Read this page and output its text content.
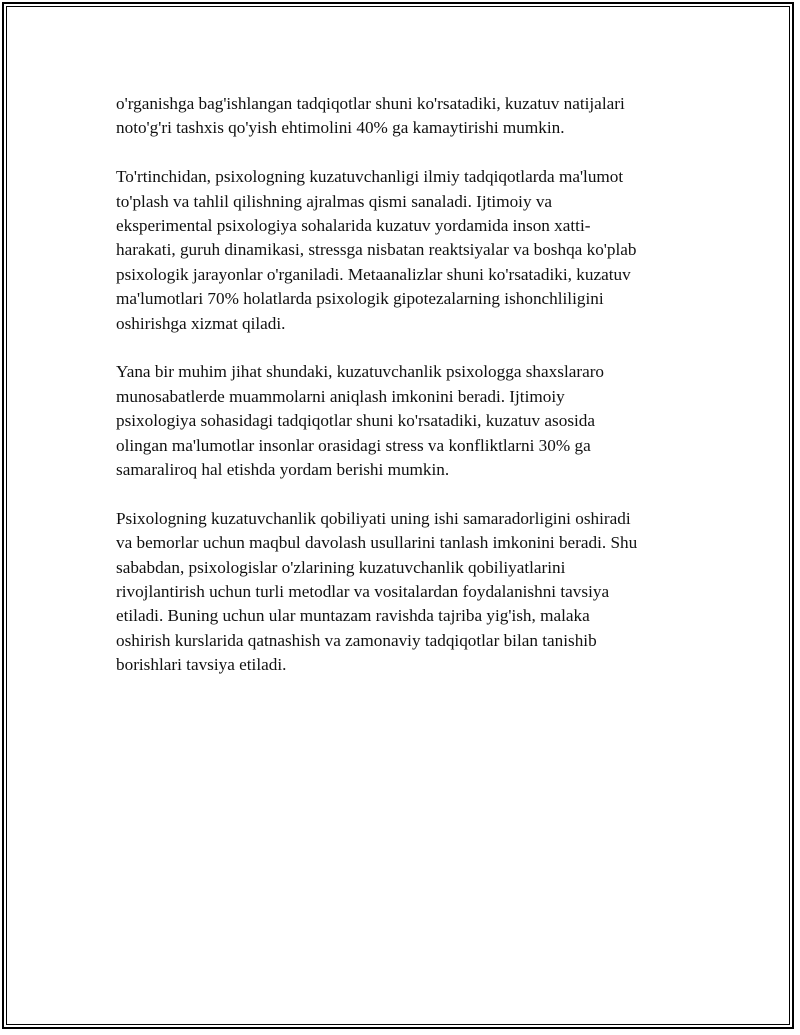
o'rganishga bag'ishlangan tadqiqotlar shuni ko'rsatadiki, kuzatuv natijalari
noto'g'ri tashxis qo'yish ehtimolini 40% ga kamaytirishi mumkin.

To'rtinchidan, psixologning kuzatuvchanligi ilmiy tadqiqotlarda ma'lumot
to'plash va tahlil qilishning ajralmas qismi sanaladi. Ijtimoiy va
eksperimental psixologiya sohalarida kuzatuv yordamida inson xatti-
harakati, guruh dinamikasi, stressga nisbatan reaktsiyalar va boshqa ko'plab
psixologik jarayonlar o'rganiladi. Metaanalizlar shuni ko'rsatadiki, kuzatuv
ma'lumotlari 70% holatlarda psixologik gipotezalarning ishonchliligini
oshirishga xizmat qiladi.

Yana bir muhim jihat shundaki, kuzatuvchanlik psixologga shaxslararo
munosabatlerde muammolarni aniqlash imkonini beradi. Ijtimoiy
psixologiya sohasidagi tadqiqotlar shuni ko'rsatadiki, kuzatuv asosida
olingan ma'lumotlar insonlar orasidagi stress va konfliktlarni 30% ga
samaraliroq hal etishda yordam berishi mumkin.

Psixologning kuzatuvchanlik qobiliyati uning ishi samaradorligini oshiradi
va bemorlar uchun maqbul davolash usullarini tanlash imkonini beradi. Shu
sababdan, psixologislar o'zlarining kuzatuvchanlik qobiliyatlarini
rivojlantirish uchun turli metodlar va vositalardan foydalanishni tavsiya
etiladi. Buning uchun ular muntazam ravishda tajriba yig'ish, malaka
oshirish kurslarida qatnashish va zamonaviy tadqiqotlar bilan tanishib
borishlari tavsiya etiladi.
